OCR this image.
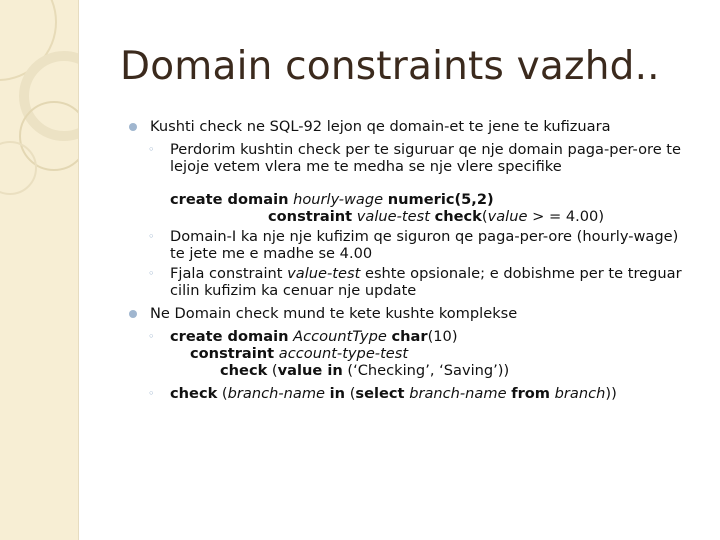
Domain constraints vazhd..
Kushti check ne SQL-92 lejon qe domain-et te jene te kufizuara
◦ Perdorim kushtin check per te siguruar qe nje domain paga-per-ore te lejoje vetem vlera me te medha se nje vlere specifike
create domain hourly-wage numeric(5,2)
constraint value-test check(value > = 4.00)
◦ Domain-I ka nje nje kufizim qe siguron qe paga-per-ore (hourly-wage) te jete me e madhe se 4.00
◦ Fjala constraint value-test eshte opsionale; e dobishme per te treguar cilin kufizim ka cenuar nje update
Ne Domain check mund te kete kushte komplekse
◦ create domain AccountType char(10)
constraint account-type-test
check (value in (‘Checking’, ‘Saving’))
◦ check (branch-name in (select branch-name from branch))
